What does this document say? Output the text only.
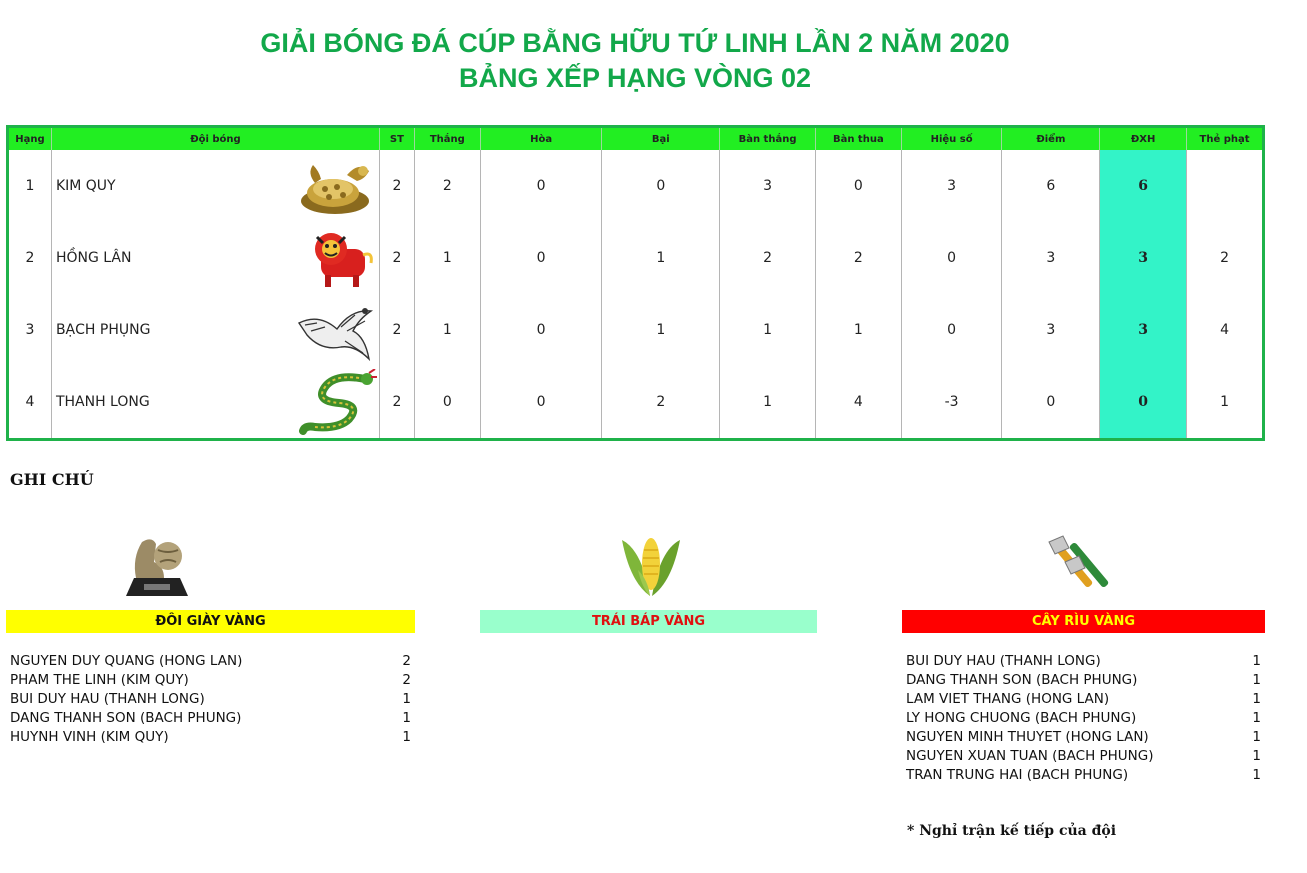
GIẢI BÓNG ĐÁ CÚP BẰNG HỮU TỨ LINH LẦN 2 NĂM 2020
BẢNG XẾP HẠNG VÒNG 02
Hạng	Đội bóng	ST	Thắng	Hòa	Bại	Bàn thắng	Bàn thua	Hiệu số	Điểm	ĐXH	Thẻ phạt
1	KIM QUY	2	2	0	0	3	0	3	6	6	
2	HỒNG LÂN	2	1	0	1	2	2	0	3	3	2
3	BẠCH PHỤNG	2	1	0	1	1	1	0	3	3	4
4	THANH LONG	2	0	0	2	1	4	-3	0	0	1
GHI CHÚ
ĐÔI GIÀY VÀNG	TRÁI BÁP VÀNG	CÂY RÌU VÀNG
NGUYEN DUY QUANG (HONG LAN)	2
PHAM THE LINH (KIM QUY)	2
BUI DUY HAU (THANH LONG)	1
DANG THANH SON (BACH PHUNG)	1
HUYNH VINH (KIM QUY)	1
BUI DUY HAU (THANH LONG)	1
DANG THANH SON (BACH PHUNG)	1
LAM VIET THANG (HONG LAN)	1
LY HONG CHUONG (BACH PHUNG)	1
NGUYEN MINH THUYET (HONG LAN)	1
NGUYEN XUAN TUAN (BACH PHUNG)	1
TRAN TRUNG HAI (BACH PHUNG)	1
* Nghỉ trận kế tiếp của đội
